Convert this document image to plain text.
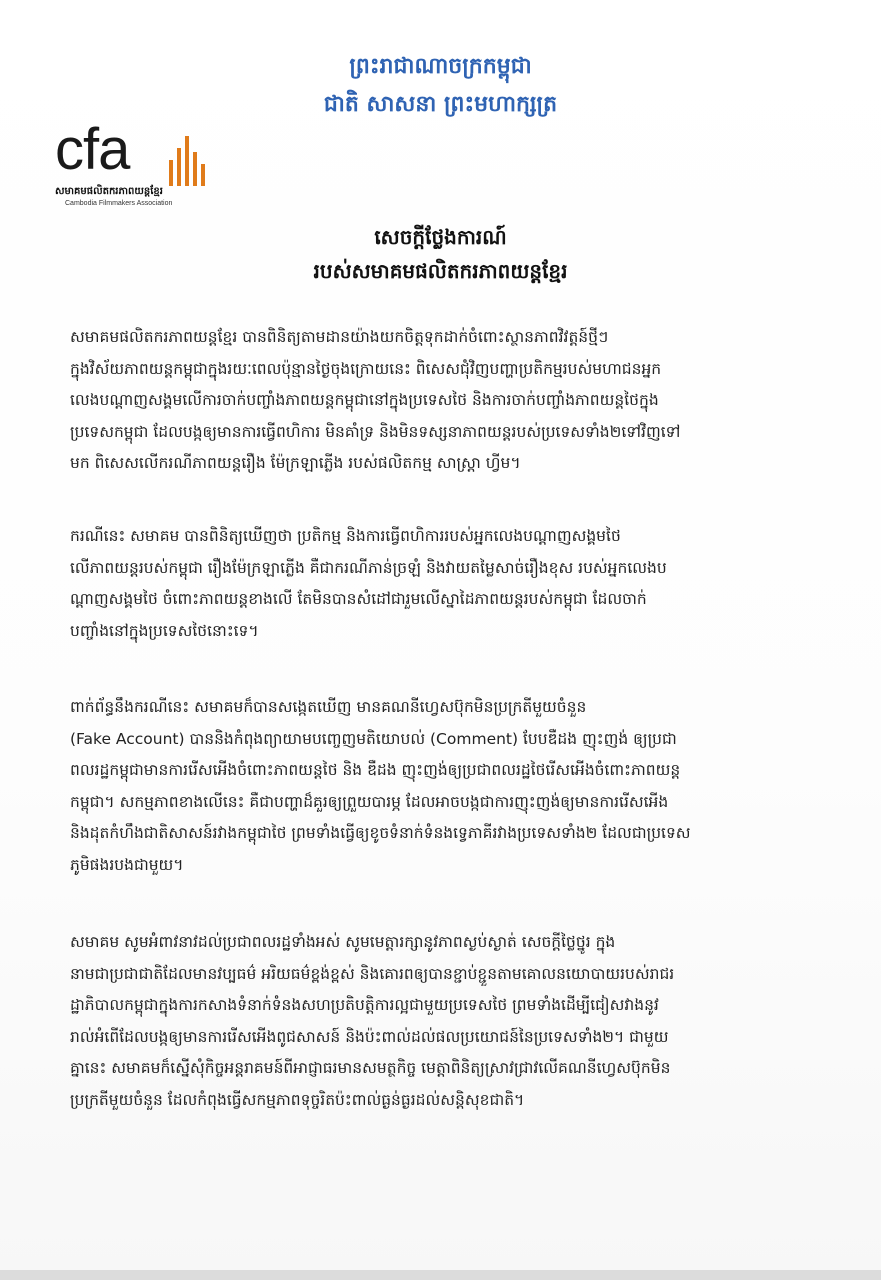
ព្រះរាជាណាចក្រកម្ពុជា
ជាតិ សាសនា ព្រះមហាក្សត្រ
cfa
សមាគមផលិតករភាពយន្តខ្មែរ
Cambodia Filmmakers Association
សេចក្តីថ្លែងការណ៍
របស់សមាគមផលិតករភាពយន្តខ្មែរ
សមាគមផលិតករភាពយន្តខ្មែរ បានពិនិត្យតាមដានយ៉ាងយកចិត្តទុកដាក់ចំពោះស្ថានភាពវិវត្តន៍ថ្មីៗ
ក្នុងវិស័យភាពយន្តកម្ពុជាក្នុងរយៈពេលប៉ុន្មានថ្ងៃចុងក្រោយនេះ ពិសេសជុំវិញបញ្ហាប្រតិកម្មរបស់មហាជនអ្នក
លេងបណ្តាញសង្គមលើការចាក់បញ្ចាំងភាពយន្តកម្ពុជានៅក្នុងប្រទេសថៃ និងការចាក់បញ្ចាំងភាពយន្តថៃក្នុង
ប្រទេសកម្ពុជា ដែលបង្កឲ្យមានការធ្វើពហិការ មិនគាំទ្រ និងមិនទស្សនាភាពយន្តរបស់ប្រទេសទាំង២ទៅវិញទៅ
មក ពិសេសលើករណីភាពយន្តរឿង ម៉ែក្រឡាភ្លើង របស់ផលិតកម្ម សាស្ត្រា ហ្វីម។
ករណីនេះ សមាគម បានពិនិត្យឃើញថា ប្រតិកម្ម និងការធ្វើពហិការរបស់អ្នកលេងបណ្តាញសង្គមថៃ
លើភាពយន្តរបស់កម្ពុជា រឿងម៉ែក្រឡាភ្លើង គឺជាករណីភាន់ច្រឡំ និងវាយតម្លៃសាច់រឿងខុស របស់អ្នកលេងប
ណ្តាញសង្គមថៃ ចំពោះភាពយន្តខាងលើ តែមិនបានសំដៅជារួមលើស្នាដៃភាពយន្តរបស់កម្ពុជា ដែលចាក់
បញ្ចាំងនៅក្នុងប្រទេសថៃនោះទេ។
ពាក់ព័ន្ធនឹងករណីនេះ សមាគមក៏បានសង្កេតឃើញ មានគណនីហ្វេសប៊ុកមិនប្រក្រតីមួយចំនួន
(Fake Account) បាននិងកំពុងព្យាយាមបញ្ចេញមតិយោបល់ (Comment) បែបឌឺដង ញុះញង់ ឲ្យប្រជា
ពលរដ្ឋកម្ពុជាមានការរើសអើងចំពោះភាពយន្តថៃ និង ឌឺដង ញុះញង់ឲ្យប្រជាពលរដ្ឋថៃរើសអើងចំពោះភាពយន្ត
កម្ពុជា។ សកម្មភាពខាងលើនេះ គឺជាបញ្ហាដ៏គួរឲ្យព្រួយបារម្ភ ដែលអាចបង្កជាការញុះញង់ឲ្យមានការរើសអើង
និងដុតកំហឹងជាតិសាសន៍រវាងកម្ពុជាថៃ ព្រមទាំងធ្វើឲ្យខូចទំនាក់ទំនងទ្វេភាគីរវាងប្រទេសទាំង២ ដែលជាប្រទេស
ភូមិផងរបងជាមួយ។
សមាគម សូមអំពាវនាវដល់ប្រជាពលរដ្ឋទាំងអស់ សូមមេត្តារក្សានូវភាពស្ងប់ស្ងាត់ សេចក្តីថ្លៃថ្នូរ ក្នុង
នាមជាប្រជាជាតិដែលមានវប្បធម៌ អរិយធម៌ខ្ពង់ខ្ពស់ និងគោរពឲ្យបានខ្ជាប់ខ្ជួនតាមគោលនយោបាយរបស់រាជរ
ដ្ឋាភិបាលកម្ពុជាក្នុងការកសាងទំនាក់ទំនងសហប្រតិបត្តិការល្អជាមួយប្រទេសថៃ ព្រមទាំងដើម្បីជៀសវាងនូវ
រាល់អំពើដែលបង្កឲ្យមានការរើសអើងពូជសាសន៍ និងប៉ះពាល់ដល់ផលប្រយោជន៍នៃប្រទេសទាំង២។ ជាមួយ
គ្នានេះ សមាគមក៏ស្នើសុំកិច្ចអន្តរាគមន៍ពីអាជ្ញាធរមានសមត្ថកិច្ច មេត្តាពិនិត្យស្រាវជ្រាវលើគណនីហ្វេសប៊ុកមិន
ប្រក្រតីមួយចំនួន ដែលកំពុងធ្វើសកម្មភាពទុច្ចរិតប៉ះពាល់ធ្ងន់ធ្ងរដល់សន្តិសុខជាតិ។
